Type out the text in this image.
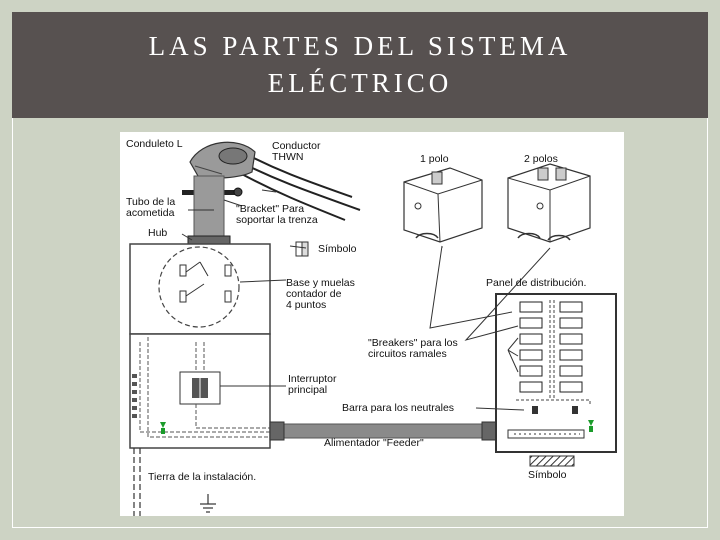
LAS PARTES DEL SISTEMA
ELÉCTRICO
Conduleto L	Conductor
THWN	1 polo	2 polos
Tubo de la
acometida	"Bracket" Para
soportar la trenza
Hub
Símbolo
Base y muelas
contador de
4 puntos
Panel de distribución.
"Breakers" para los
circuitos ramales
Interruptor
principal
Barra para los neutrales
Alimentador "Feeder"
Tierra de la instalación.	Símbolo
